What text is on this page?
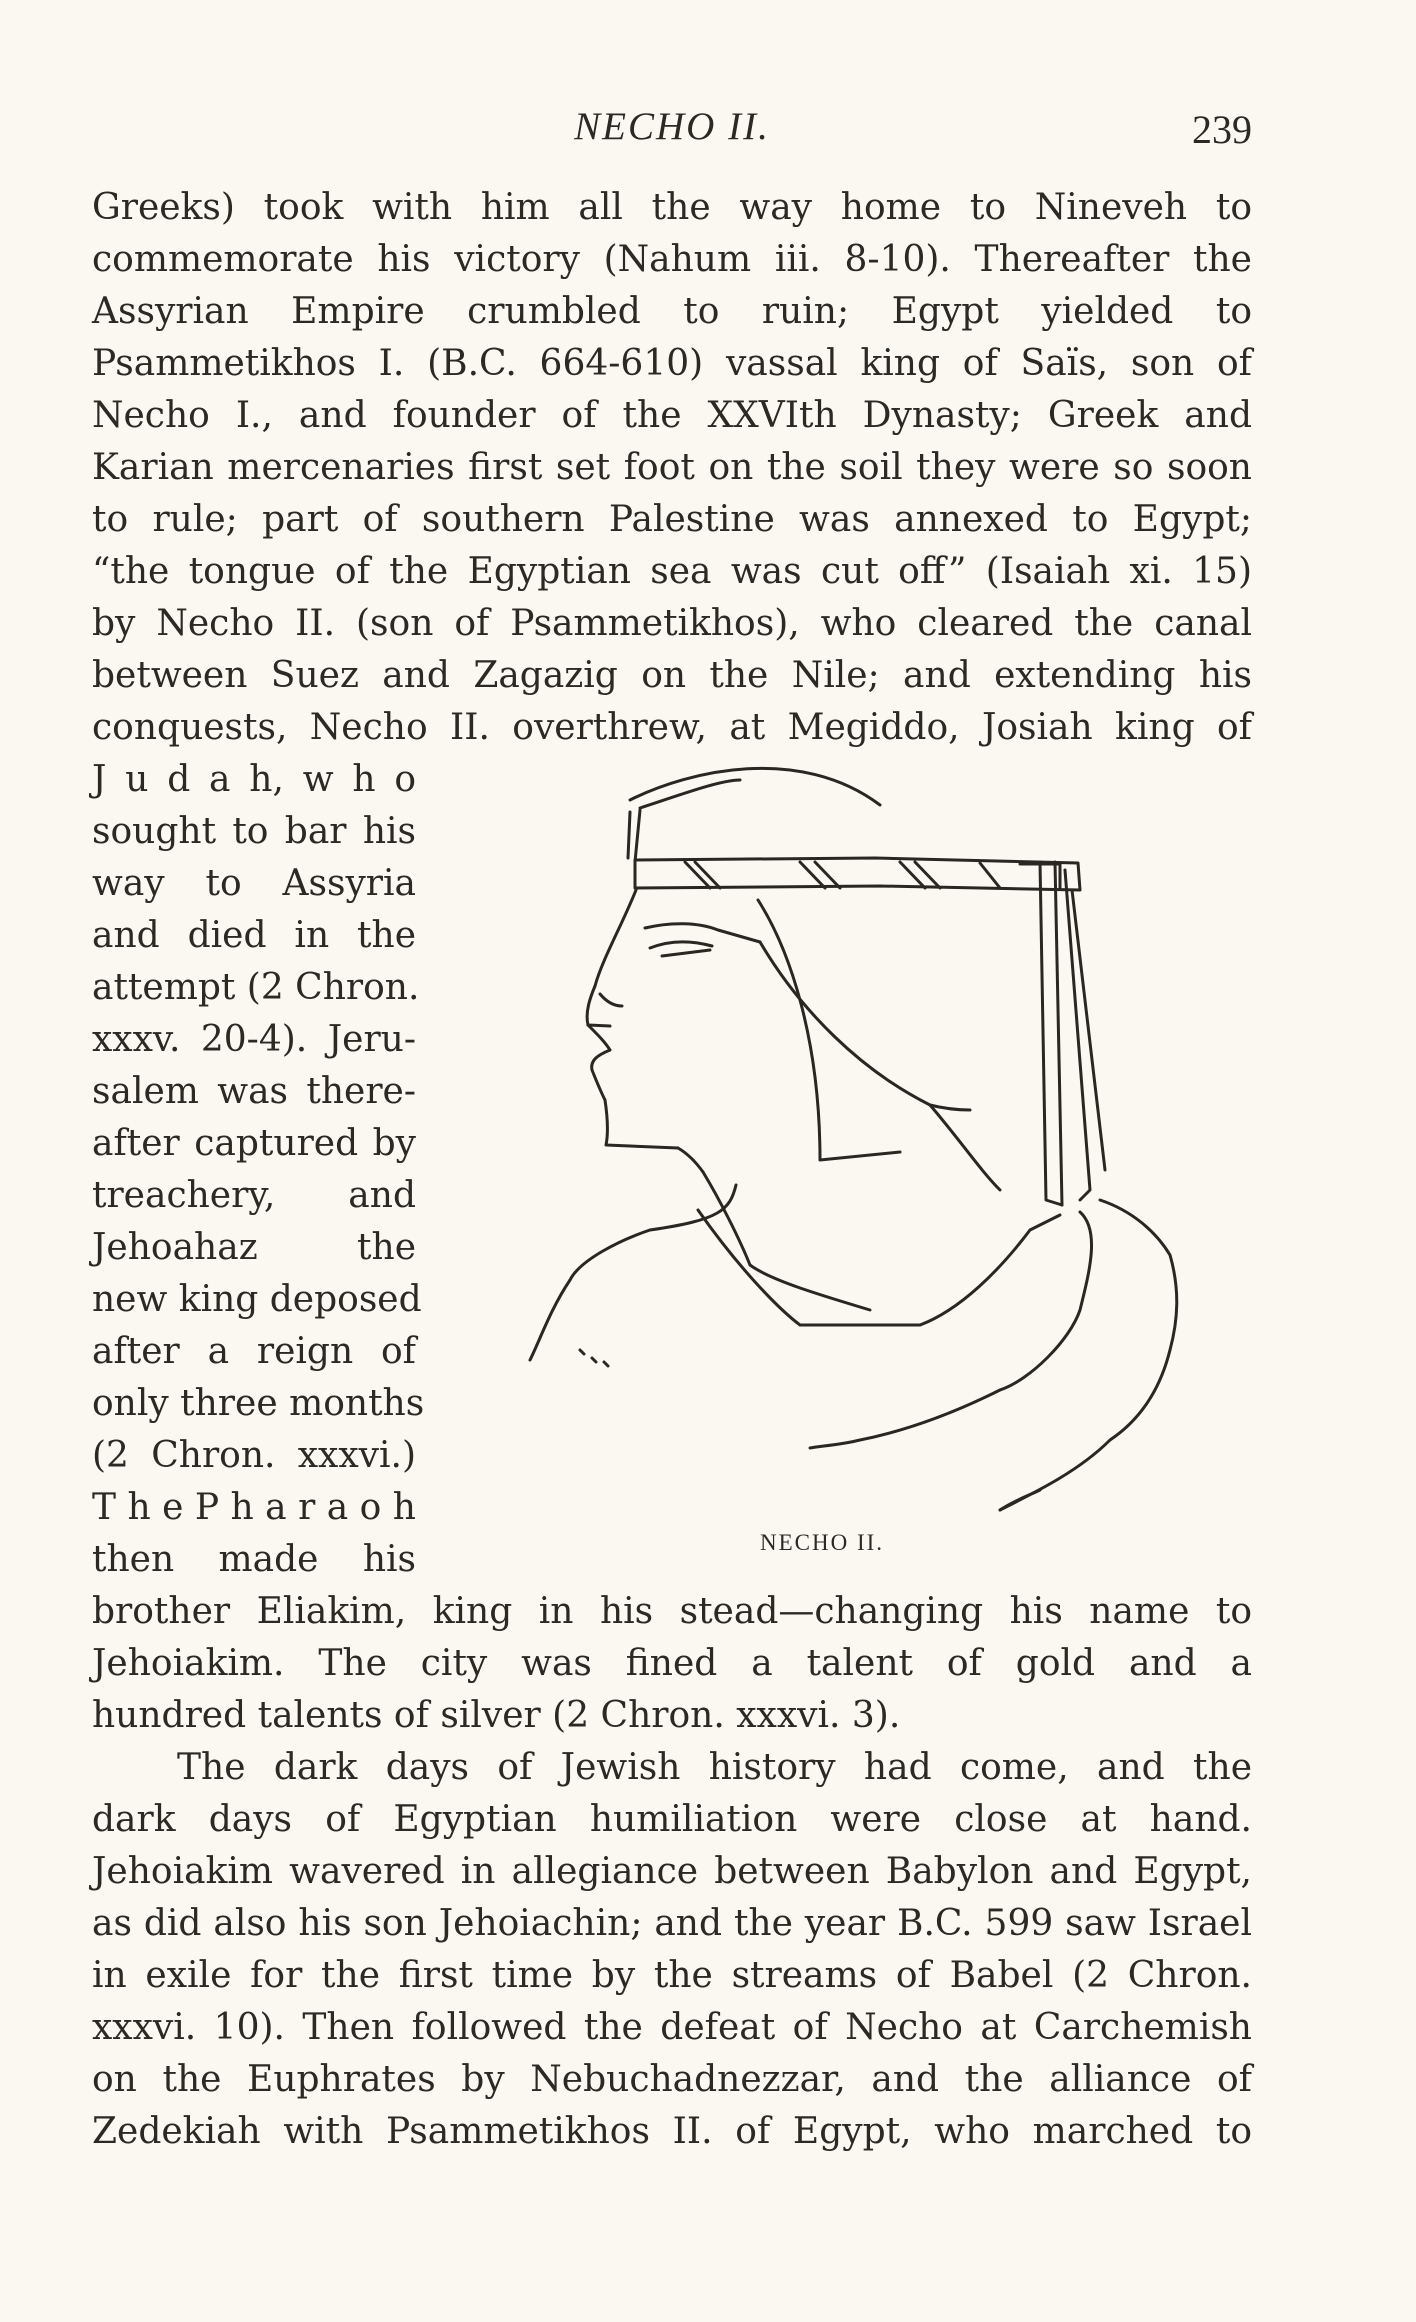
NECHO II.	239
Greeks) took with him all the way home to Nineveh to
commemorate his victory (Nahum iii. 8-10). Thereafter the
Assyrian Empire crumbled to ruin; Egypt yielded to
Psammetikhos I. (B.C. 664-610) vassal king of Saïs, son of
Necho I., and founder of the XXVIth Dynasty; Greek and
Karian mercenaries first set foot on the soil they were so soon
to rule; part of southern Palestine was annexed to Egypt;
“the tongue of the Egyptian sea was cut off” (Isaiah xi. 15)
by Necho II. (son of Psammetikhos), who cleared the canal
between Suez and Zagazig on the Nile; and extending his
conquests, Necho II. overthrew, at Megiddo, Josiah king of
J u d a h, w h o
sought to bar his
way to Assyria
and died in the
attempt (2 Chron.
xxxv. 20-4). Jeru-
salem was there-
after captured by
treachery, and
Jehoahaz the
new king deposed
after a reign of
only three months
(2 Chron. xxxvi.)
T h e P h a r a o h
then made his
brother Eliakim, king in his stead—changing his name to
Jehoiakim. The city was fined a talent of gold and a
hundred talents of silver (2 Chron. xxxvi. 3).
The dark days of Jewish history had come, and the
dark days of Egyptian humiliation were close at hand.
Jehoiakim wavered in allegiance between Babylon and Egypt,
as did also his son Jehoiachin; and the year B.C. 599 saw Israel
in exile for the first time by the streams of Babel (2 Chron.
xxxvi. 10). Then followed the defeat of Necho at Carchemish
on the Euphrates by Nebuchadnezzar, and the alliance of
Zedekiah with Psammetikhos II. of Egypt, who marched to
NECHO II.
